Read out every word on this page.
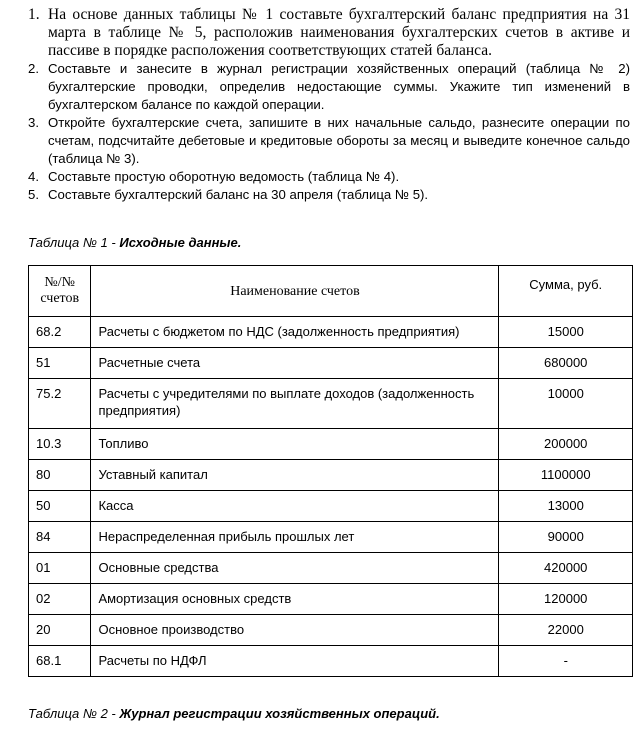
1. На основе данных таблицы № 1 составьте бухгалтерский баланс предприятия на 31 марта в таблице № 5, расположив наименования бухгалтерских счетов в активе и пассиве в порядке расположения соответствующих статей баланса.
2. Составьте и занесите в журнал регистрации хозяйственных операций (таблица № 2) бухгалтерские проводки, определив недостающие суммы. Укажите тип изменений в бухгалтерском балансе по каждой операции.
3. Откройте бухгалтерские счета, запишите в них начальные сальдо, разнесите операции по счетам, подсчитайте дебетовые и кредитовые обороты за месяц и выведите конечное сальдо (таблица № 3).
4. Составьте простую оборотную ведомость (таблица № 4).
5. Составьте бухгалтерский баланс на 30 апреля (таблица № 5).
Таблица № 1 - Исходные данные.
№/№ счетов	Наименование счетов	Сумма, руб.
68.2	Расчеты с бюджетом по НДС (задолженность предприятия)	15000
51	Расчетные счета	680000
75.2	Расчеты с учредителями по выплате доходов (задолженность предприятия)	10000
10.3	Топливо	200000
80	Уставный капитал	1100000
50	Касса	13000
84	Нераспределенная прибыль прошлых лет	90000
01	Основные средства	420000
02	Амортизация основных средств	120000
20	Основное производство	22000
68.1	Расчеты по НДФЛ	-
Таблица № 2 - Журнал регистрации хозяйственных операций.
